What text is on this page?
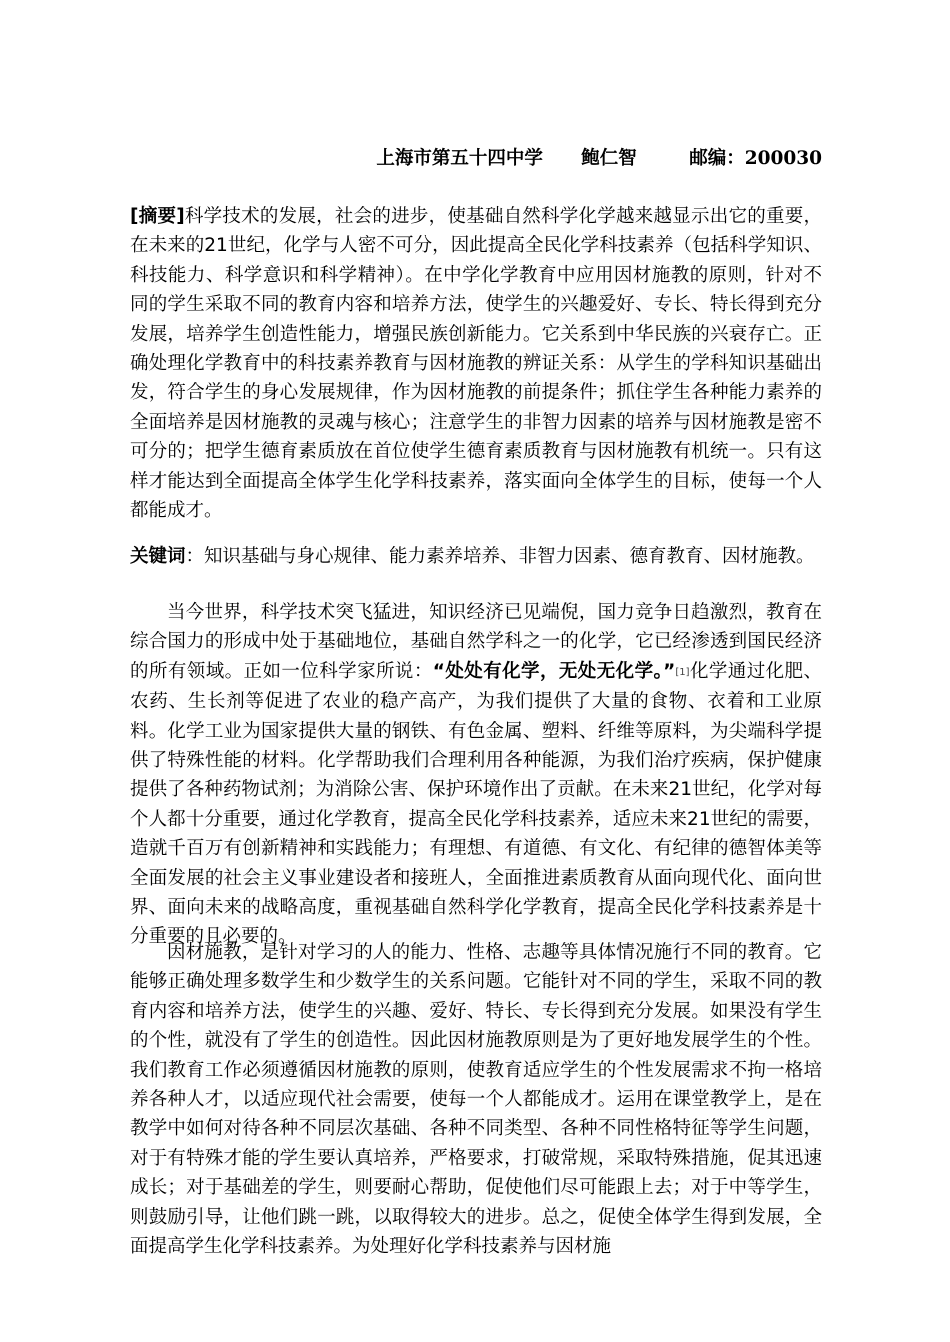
上海市第五十四中学 鲍仁智	邮编：200030
[摘要]科学技术的发展，社会的进步，使基础自然科学化学越来越显示出它的重要，在未来的21世纪，化学与人密不可分，因此提高全民化学科技素养（包括科学知识、科技能力、科学意识和科学精神）。在中学化学教育中应用因材施教的原则，针对不同的学生采取不同的教育内容和培养方法，使学生的兴趣爱好、专长、特长得到充分发展，培养学生创造性能力，增强民族创新能力。它关系到中华民族的兴衰存亡。正确处理化学教育中的科技素养教育与因材施教的辨证关系：从学生的学科知识基础出发，符合学生的身心发展规律，作为因材施教的前提条件；抓住学生各种能力素养的全面培养是因材施教的灵魂与核心；注意学生的非智力因素的培养与因材施教是密不可分的；把学生德育素质放在首位使学生德育素质教育与因材施教有机统一。只有这样才能达到全面提高全体学生化学科技素养，落实面向全体学生的目标，使每一个人都能成才。
关键词：知识基础与身心规律、能力素养培养、非智力因素、德育教育、因材施教。
当今世界，科学技术突飞猛进，知识经济已见端倪，国力竞争日趋激烈，教育在综合国力的形成中处于基础地位，基础自然学科之一的化学，它已经渗透到国民经济的所有领域。正如一位科学家所说：“处处有化学，无处无化学。”[1]化学通过化肥、农药、生长剂等促进了农业的稳产高产，为我们提供了大量的食物、衣着和工业原料。化学工业为国家提供大量的钢铁、有色金属、塑料、纤维等原料，为尖端科学提供了特殊性能的材料。化学帮助我们合理利用各种能源，为我们治疗疾病，保护健康提供了各种药物试剂；为消除公害、保护环境作出了贡献。在未来21世纪，化学对每个人都十分重要，通过化学教育，提高全民化学科技素养，适应未来21世纪的需要，造就千百万有创新精神和实践能力；有理想、有道德、有文化、有纪律的德智体美等全面发展的社会主义事业建设者和接班人，全面推进素质教育从面向现代化、面向世界、面向未来的战略高度，重视基础自然科学化学教育，提高全民化学科技素养是十分重要的且必要的。
因材施教，是针对学习的人的能力、性格、志趣等具体情况施行不同的教育。它能够正确处理多数学生和少数学生的关系问题。它能针对不同的学生，采取不同的教育内容和培养方法，使学生的兴趣、爱好、特长、专长得到充分发展。如果没有学生的个性，就没有了学生的创造性。因此因材施教原则是为了更好地发展学生的个性。我们教育工作必须遵循因材施教的原则，使教育适应学生的个性发展需求不拘一格培养各种人才，以适应现代社会需要，使每一个人都能成才。运用在课堂教学上，是在教学中如何对待各种不同层次基础、各种不同类型、各种不同性格特征等学生问题，对于有特殊才能的学生要认真培养，严格要求，打破常规，采取特殊措施，促其迅速成长；对于基础差的学生，则要耐心帮助，促使他们尽可能跟上去；对于中等学生，则鼓励引导，让他们跳一跳，以取得较大的进步。总之，促使全体学生得到发展，全面提高学生化学科技素养。为处理好化学科技素养与因材施
